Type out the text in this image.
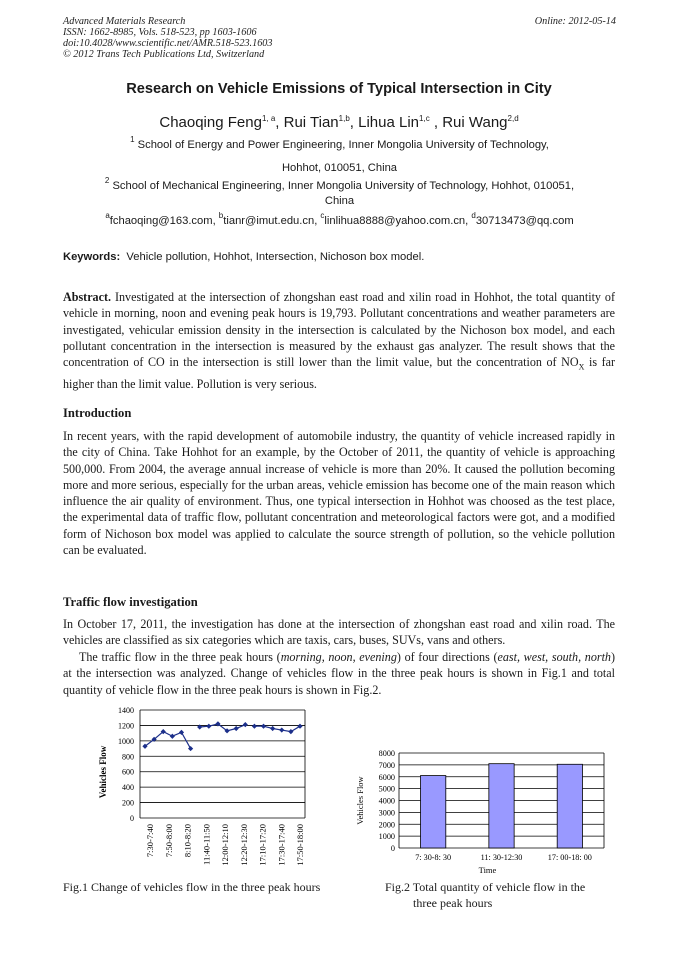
Advanced Materials Research
ISSN: 1662-8985, Vols. 518-523, pp 1603-1606
doi:10.4028/www.scientific.net/AMR.518-523.1603
© 2012 Trans Tech Publications Ltd, Switzerland
Online: 2012-05-14
Research on Vehicle Emissions of Typical Intersection in City
Chaoqing Feng$^{1, a}$, Rui Tian$^{1,b}$, Lihua Lin$^{1,c}$ , Rui Wang$^{2,d}$
$^1$ School of Energy and Power Engineering, Inner Mongolia University of Technology,
Hohhot, 010051, China
$^2$ School of Mechanical Engineering, Inner Mongolia University of Technology, Hohhot, 010051,
China
$^a$fchaoqing@163.com, $^b$tianr@imut.edu.cn, $^c$linlihua8888@yahoo.com.cn, $^d$30713473@qq.com
Keywords: Vehicle pollution, Hohhot, Intersection, Nichoson box model.
Abstract. Investigated at the intersection of zhongshan east road and xilin road in Hohhot, the total quantity of vehicle in morning, noon and evening peak hours is 19,793. Pollutant concentrations and weather parameters are investigated, vehicular emission density in the intersection is calculated by the Nichoson box model, and each pollutant concentration in the intersection is measured by the exhaust gas analyzer. The result shows that the concentration of CO in the intersection is still lower than the limit value, but the concentration of $NO_X$ is far higher than the limit value. Pollution is very serious.
Introduction
In recent years, with the rapid development of automobile industry, the quantity of vehicle increased rapidly in the city of China. Take Hohhot for an example, by the October of 2011, the quantity of vehicle is approaching 500,000. From 2004, the average annual increase of vehicle is more than 20%. It caused the pollution becoming more and more serious, especially for the urban areas, vehicle emission has become one of the main reason which influence the air quality of environment. Thus, one typical intersection in Hohhot was choosed as the test place, the experimental data of traffic flow, pollutant concentration and meteorological factors were got, and a modified form of Nichoson box model was applied to calculate the source strength of pollution, so the vehicle pollution can be evaluated.
Traffic flow investigation
In October 17, 2011, the investigation has done at the intersection of zhongshan east road and xilin road. The vehicles are classified as six categories which are taxis, cars, buses, SUVs, vans and others.
The traffic flow in the three peak hours (morning, noon, evening) of four directions (east, west, south, north) at the intersection was analyzed. Change of vehicles flow in the three peak hours is shown in Fig.1 and total quantity of vehicle flow in the three peak hours is shown in Fig.2.
Vehicles Flow
0
200
400
600
800
1000
1200
1400
7:30-7:40 7:50-8:00 8:10-8:20 11:40-11:50 12:00-12:10 12:20-12:30 17:10-17:20 17:30-17:40 17:50-18:00	0
1000
2000
3000
4000
5000
6000
7000
8000
7: 30-8: 30	11: 30-12:30	17: 00-18: 00
Time
Vehicles Flow
Fig.1 Change of vehicles flow in the three peak hours	Fig.2 Total quantity of vehicle flow in the
three peak hours
